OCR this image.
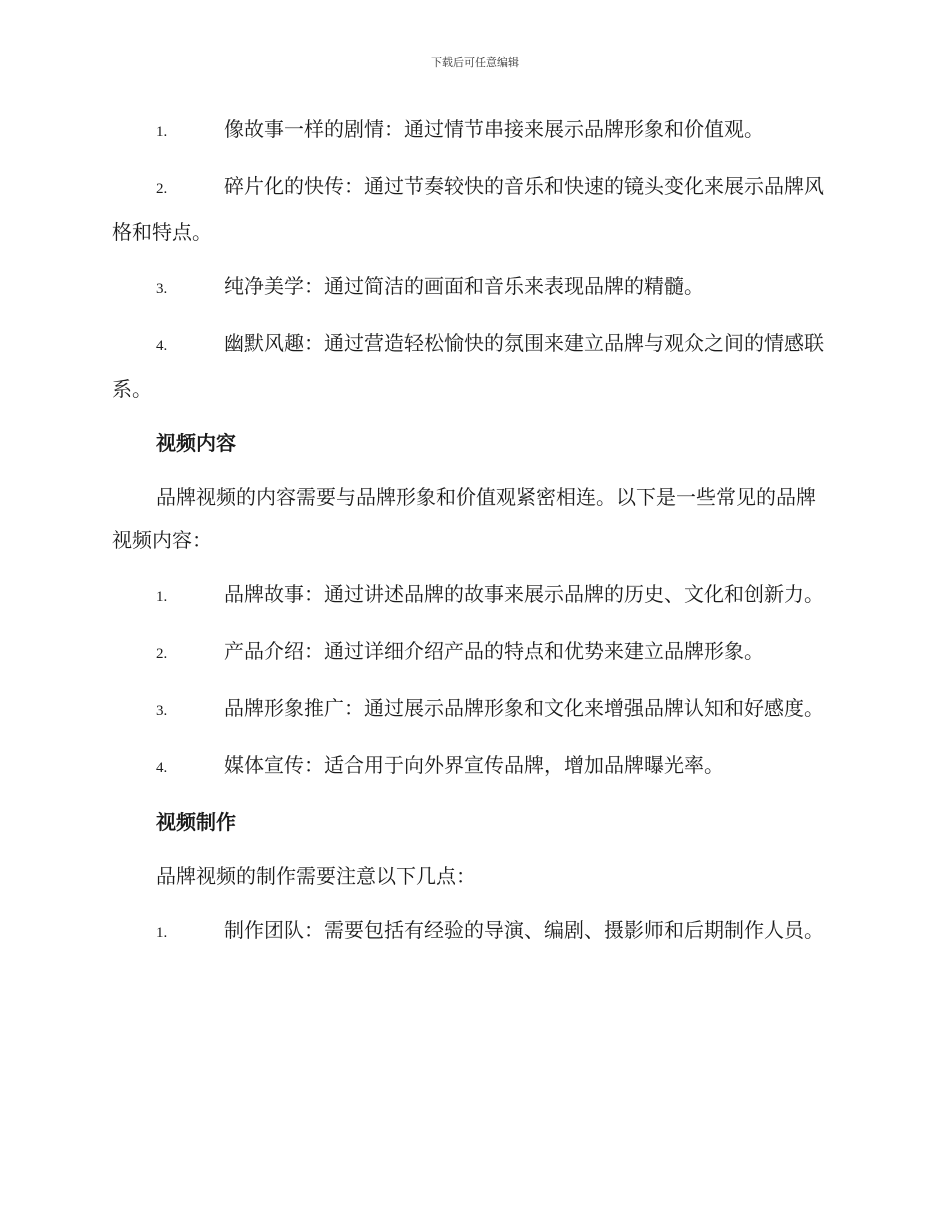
下载后可任意编辑
1.	像故事一样的剧情：通过情节串接来展示品牌形象和价值观。
2.	碎片化的快传：通过节奏较快的音乐和快速的镜头变化来展示品牌风格和特点。
3.	纯净美学：通过简洁的画面和音乐来表现品牌的精髓。
4.	幽默风趣：通过营造轻松愉快的氛围来建立品牌与观众之间的情感联系。
视频内容
品牌视频的内容需要与品牌形象和价值观紧密相连。以下是一些常见的品牌视频内容：
1.	品牌故事：通过讲述品牌的故事来展示品牌的历史、文化和创新力。
2.	产品介绍：通过详细介绍产品的特点和优势来建立品牌形象。
3.	品牌形象推广：通过展示品牌形象和文化来增强品牌认知和好感度。
4.	媒体宣传：适合用于向外界宣传品牌，增加品牌曝光率。
视频制作
品牌视频的制作需要注意以下几点：
1.	制作团队：需要包括有经验的导演、编剧、摄影师和后期制作人员。
